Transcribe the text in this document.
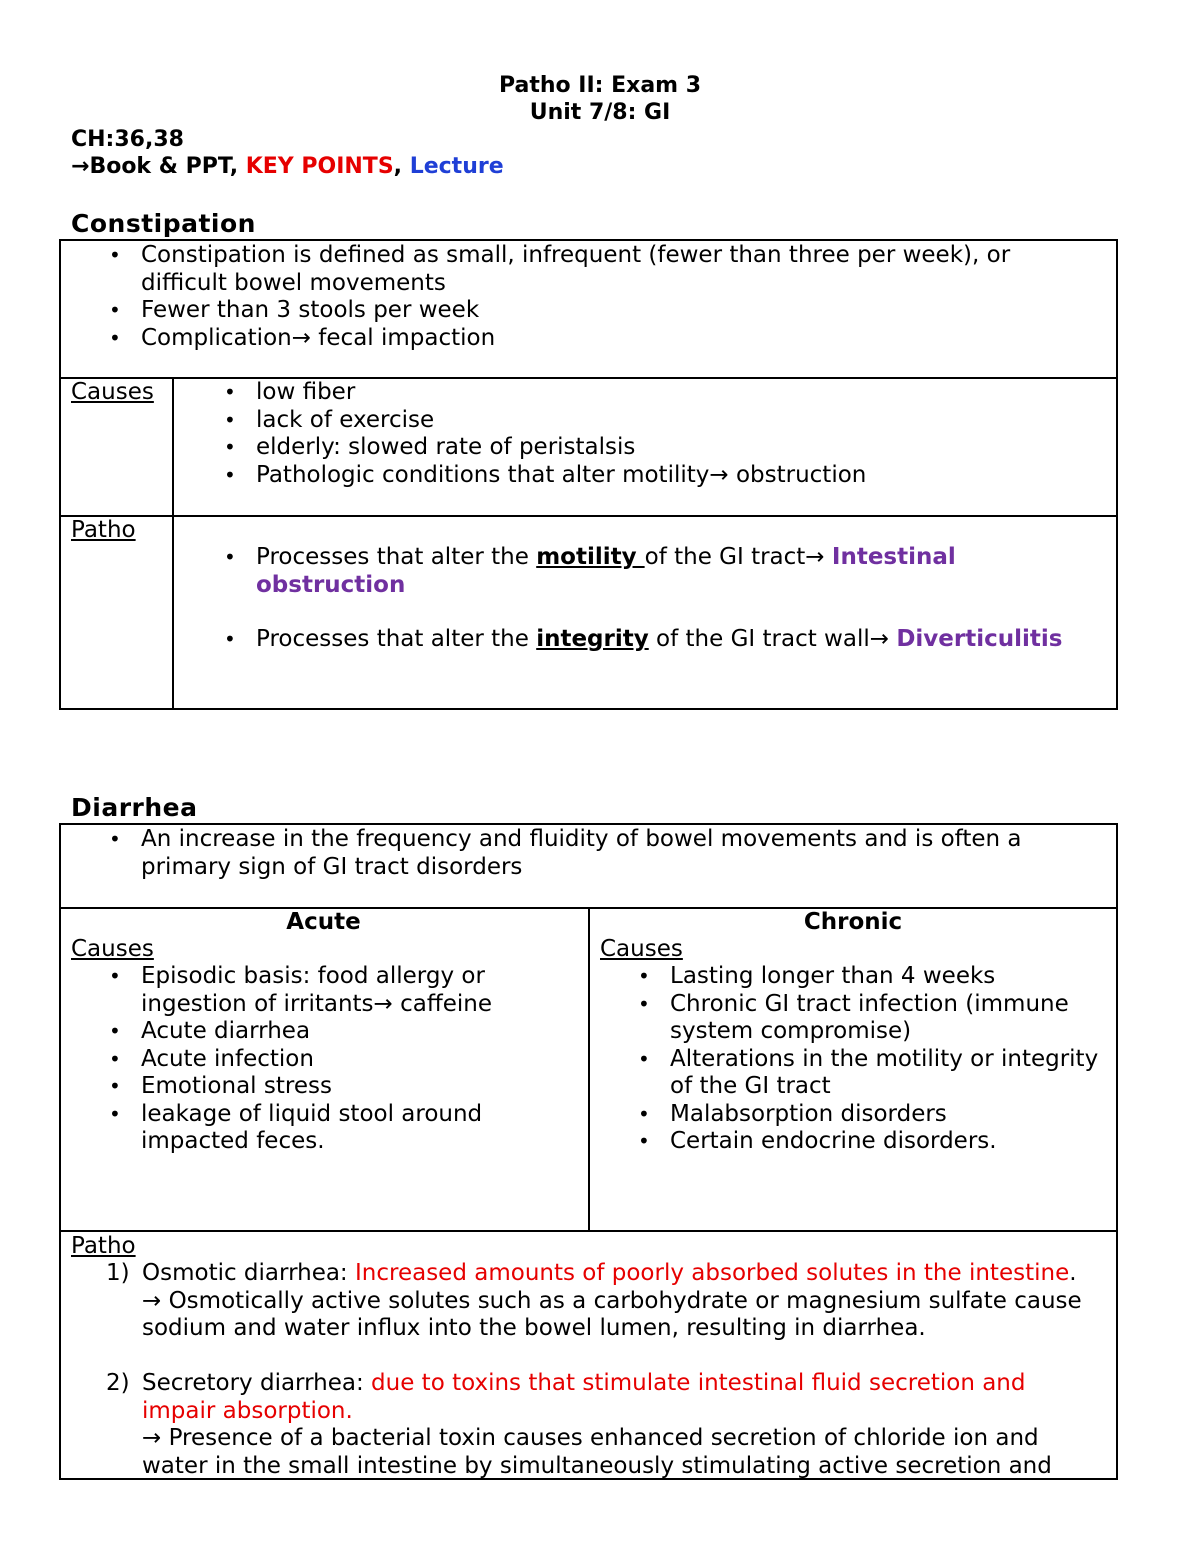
Patho II: Exam 3
Unit 7/8: GI
CH:36,38
→Book & PPT, KEY POINTS, Lecture
Constipation
• Constipation is defined as small, infrequent (fewer than three per week), or difficult bowel movements
• Fewer than 3 stools per week
• Complication→ fecal impaction
Causes
•	low fiber
• lack of exercise
• elderly: slowed rate of peristalsis
• Pathologic conditions that alter motility→ obstruction
Patho
• Processes that alter the motility of the GI tract→ Intestinal obstruction
• Processes that alter the integrity of the GI tract wall→ Diverticulitis
Diarrhea
• An increase in the frequency and fluidity of bowel movements and is often a primary sign of GI tract disorders
Acute
Causes
• Episodic basis: food allergy or ingestion of irritants→ caffeine
• Acute diarrhea
• Acute infection
• Emotional stress
• leakage of liquid stool around impacted feces.
Chronic
Causes
• Lasting longer than 4 weeks
• Chronic GI tract infection (immune system compromise)
• Alterations in the motility or integrity of the GI tract
• Malabsorption disorders
• Certain endocrine disorders.
Patho
1) Osmotic diarrhea: Increased amounts of poorly absorbed solutes in the intestine.
→ Osmotically active solutes such as a carbohydrate or magnesium sulfate cause sodium and water influx into the bowel lumen, resulting in diarrhea.
2) Secretory diarrhea: due to toxins that stimulate intestinal fluid secretion and impair absorption.
→ Presence of a bacterial toxin causes enhanced secretion of chloride ion and water in the small intestine by simultaneously stimulating active secretion and
